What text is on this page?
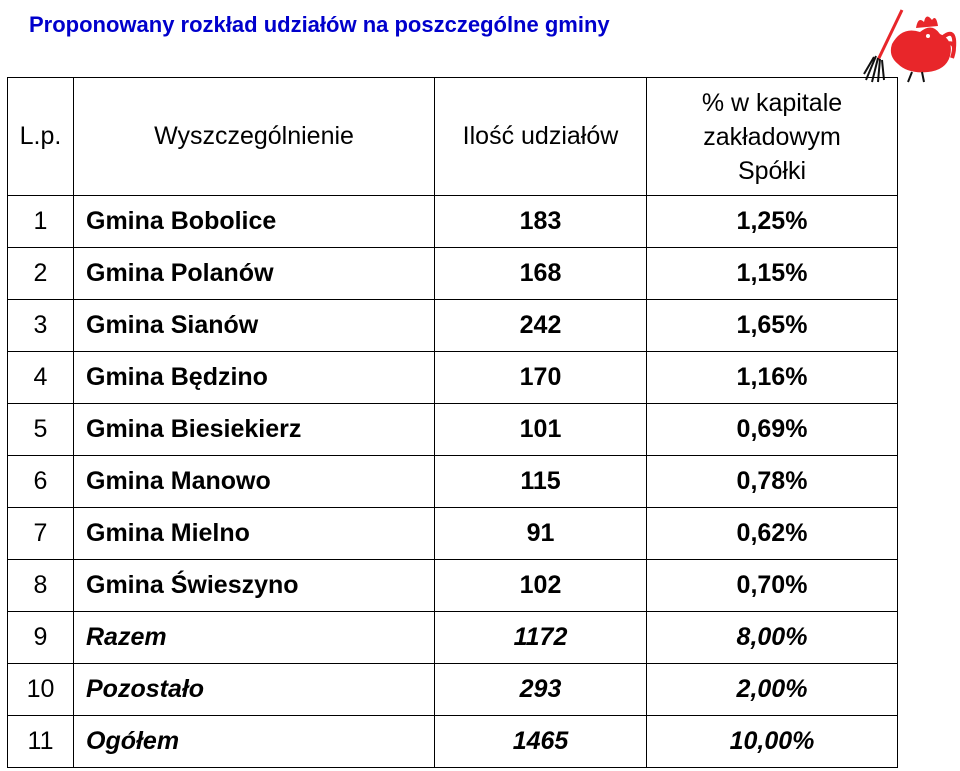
Proponowany rozkład udziałów na poszczególne gminy
L.p.	Wyszczególnienie	Ilość udziałów	% w kapitale
zakładowym
Spółki

1	Gmina Bobolice	183	1,25%
2	Gmina Polanów	168	1,15%
3	Gmina Sianów	242	1,65%
4	Gmina Będzino	170	1,16%
5	Gmina Biesiekierz	101	0,69%
6	Gmina Manowo	115	0,78%
7	Gmina Mielno	91	0,62%
8	Gmina Świeszyno	102	0,70%
9	Razem	1172	8,00%
10	Pozostało	293	2,00%
11	Ogółem	1465	10,00%
